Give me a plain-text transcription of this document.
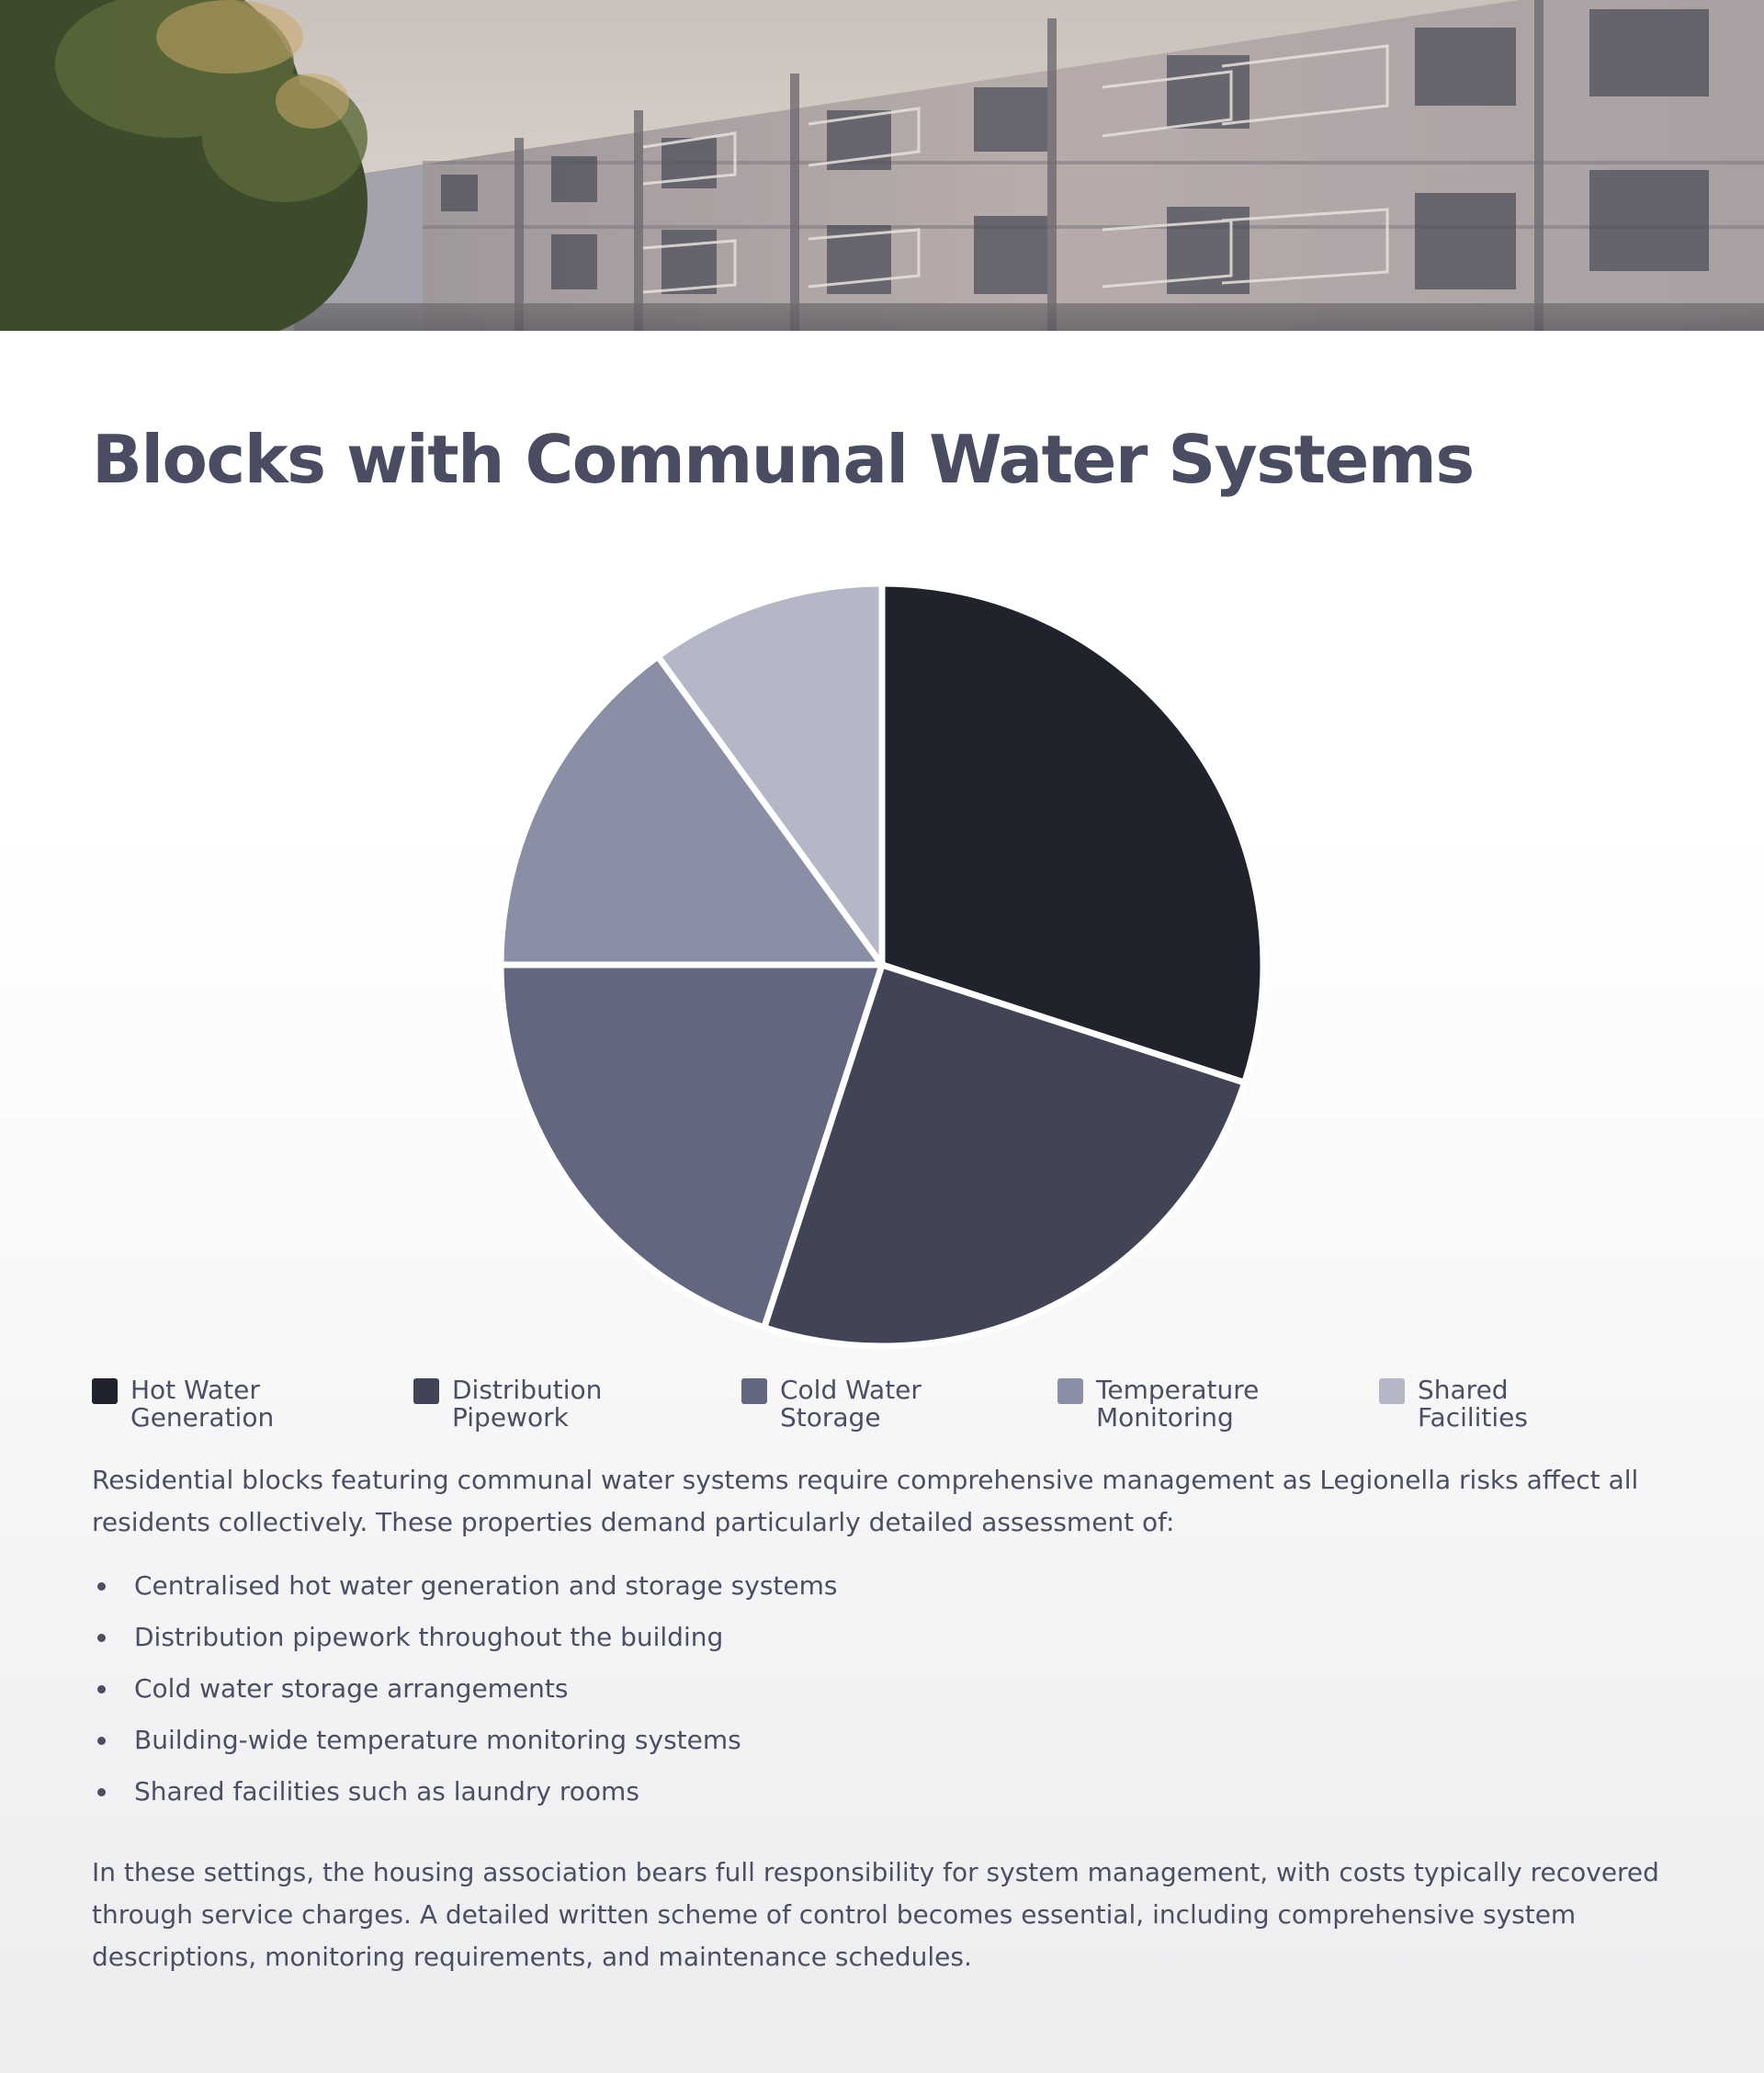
Blocks with Communal Water Systems
Hot Water
Generation
Distribution
Pipework
Cold Water Storage
Temperature
Monitoring
Shared Facilities

Residential blocks featuring communal water systems require comprehensive management as Legionella risks affect all residents collectively. These properties demand particularly detailed assessment of:

Centralised hot water generation and storage systems
Distribution pipework throughout the building
Cold water storage arrangements
Building-wide temperature monitoring systems
Shared facilities such as laundry rooms

In these settings, the housing association bears full responsibility for system management, with costs typically recovered through service charges. A detailed written scheme of control becomes essential, including comprehensive system descriptions, monitoring requirements, and maintenance schedules.
